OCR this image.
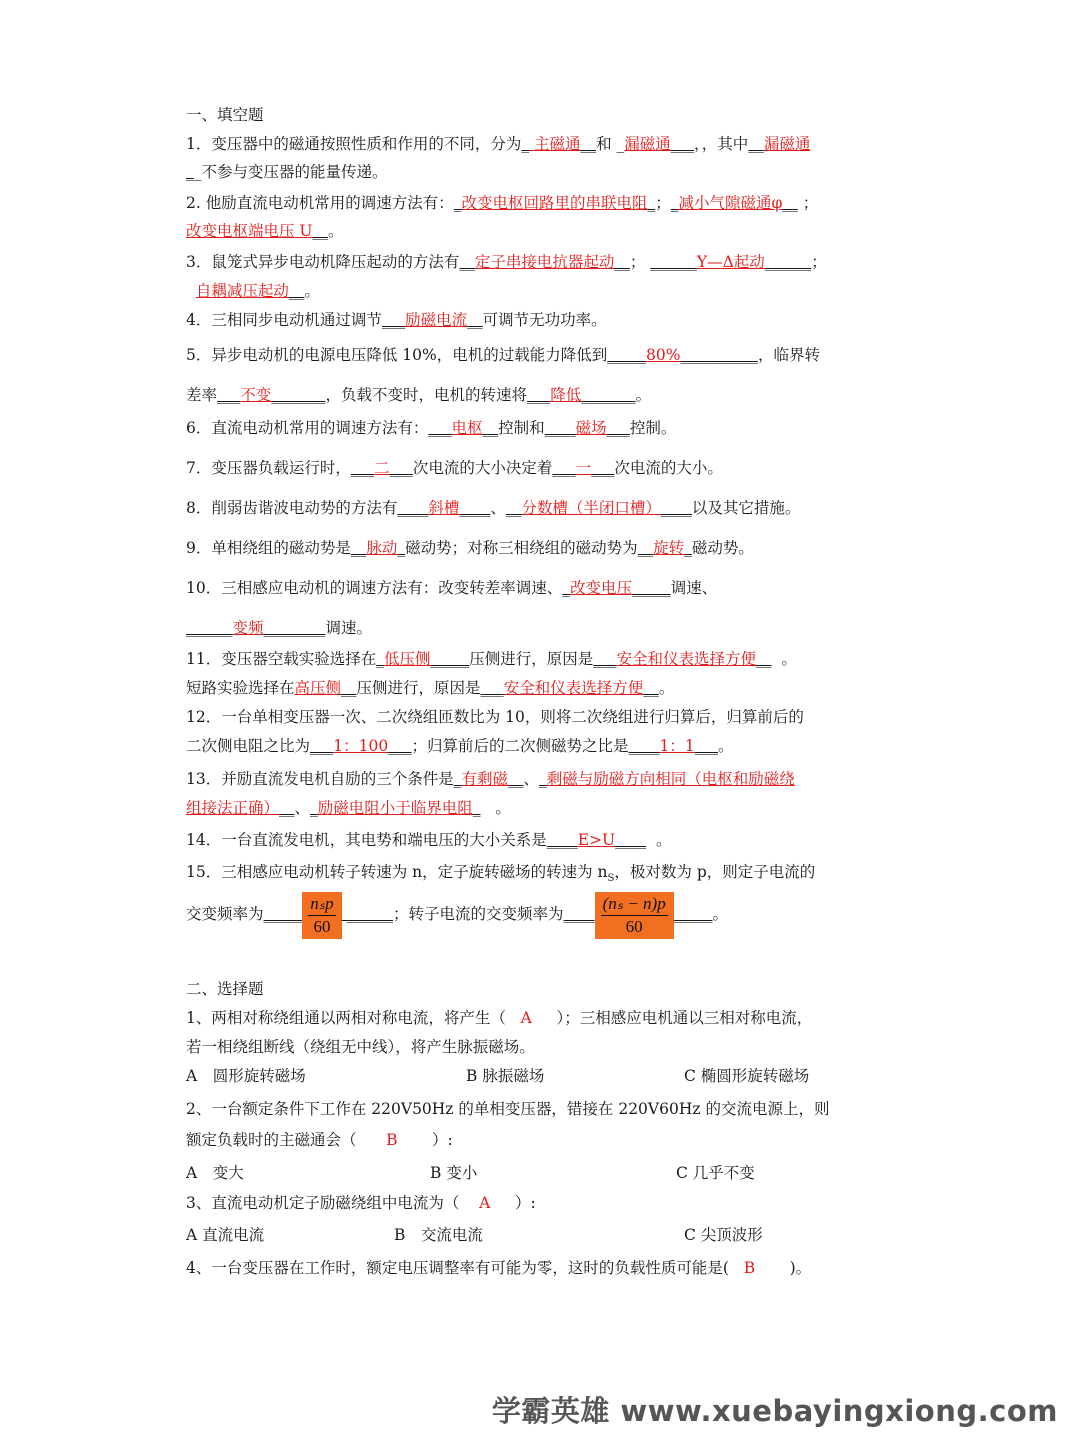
一、填空题
1．变压器中的磁通按照性质和作用的不同，分为_ 主磁通__和 _漏磁通___，，其中__漏磁通
__不参与变压器的能量传递。
2. 他励直流电动机常用的调速方法有：_改变电枢回路里的串联电阻_；_减小气隙磁通φ__ ；
改变电枢端电压 U__。
3．鼠笼式异步电动机降压起动的方法有__定子串接电抗器起动__； ______Y—Δ起动______；
自耦减压起动__。
4．三相同步电动机通过调节___励磁电流__可调节无功功率。
5．异步电动机的电源电压降低 10%，电机的过载能力降低到_____80%__________，临界转
差率___不变_______，负载不变时，电机的转速将___降低_______。
6．直流电动机常用的调速方法有：___电枢__控制和____磁场___控制。
7．变压器负载运行时，___二___次电流的大小决定着___一___次电流的大小。
8．削弱齿谐波电动势的方法有____斜槽____、__分数槽（半闭口槽）____以及其它措施。
9．单相绕组的磁动势是__脉动_磁动势；对称三相绕组的磁动势为__旋转_磁动势。
10．三相感应电动机的调速方法有：改变转差率调速、_改变电压_____调速、
______变频________调速。
11．变压器空载实验选择在_低压侧_____压侧进行，原因是___安全和仪表选择方便__ 。
短路实验选择在高压侧__压侧进行，原因是___安全和仪表选择方便__。
12．一台单相变压器一次、二次绕组匝数比为 10，则将二次绕组进行归算后，归算前后的
二次侧电阻之比为___1：100___；归算前后的二次侧磁势之比是____1：1___。
13．并励直流发电机自励的三个条件是_有剩磁__、_剩磁与励磁方向相同（电枢和励磁绕
组接法正确）__、_励磁电阻小于临界电阻_ 。
14．一台直流发电机，其电势和端电压的大小关系是____E>U____ 。
15．三相感应电动机转子转速为 n，定子旋转磁场的转速为 $n_S$，极对数为 p，则定子电流的
交变频率为_____ $\frac{\text{nₛp}}{60}$ ______；转子电流的交变频率为____ $\frac{\text{(nₛ − n)p}}{60}$ _____。
二、选择题
1、两相对称绕组通以两相对称电流，将产生（ A ）；三相感应电机通以三相对称电流，
若一相绕组断线（绕组无中线），将产生脉振磁场。
A　圆形旋转磁场	B 脉振磁场	C 椭圆形旋转磁场
2、一台额定条件下工作在 220V50Hz 的单相变压器，错接在 220V60Hz 的交流电源上，则
额定负载时的主磁通会（ B ）:
A　变大	B 变小	C 几乎不变
3、直流电动机定子励磁绕组中电流为（ A ）:
A 直流电流	B　交流电流	C 尖顶波形
4、一台变压器在工作时，额定电压调整率有可能为零，这时的负载性质可能是( B )。
学霸英雄 www.xuebayingxiong.com
